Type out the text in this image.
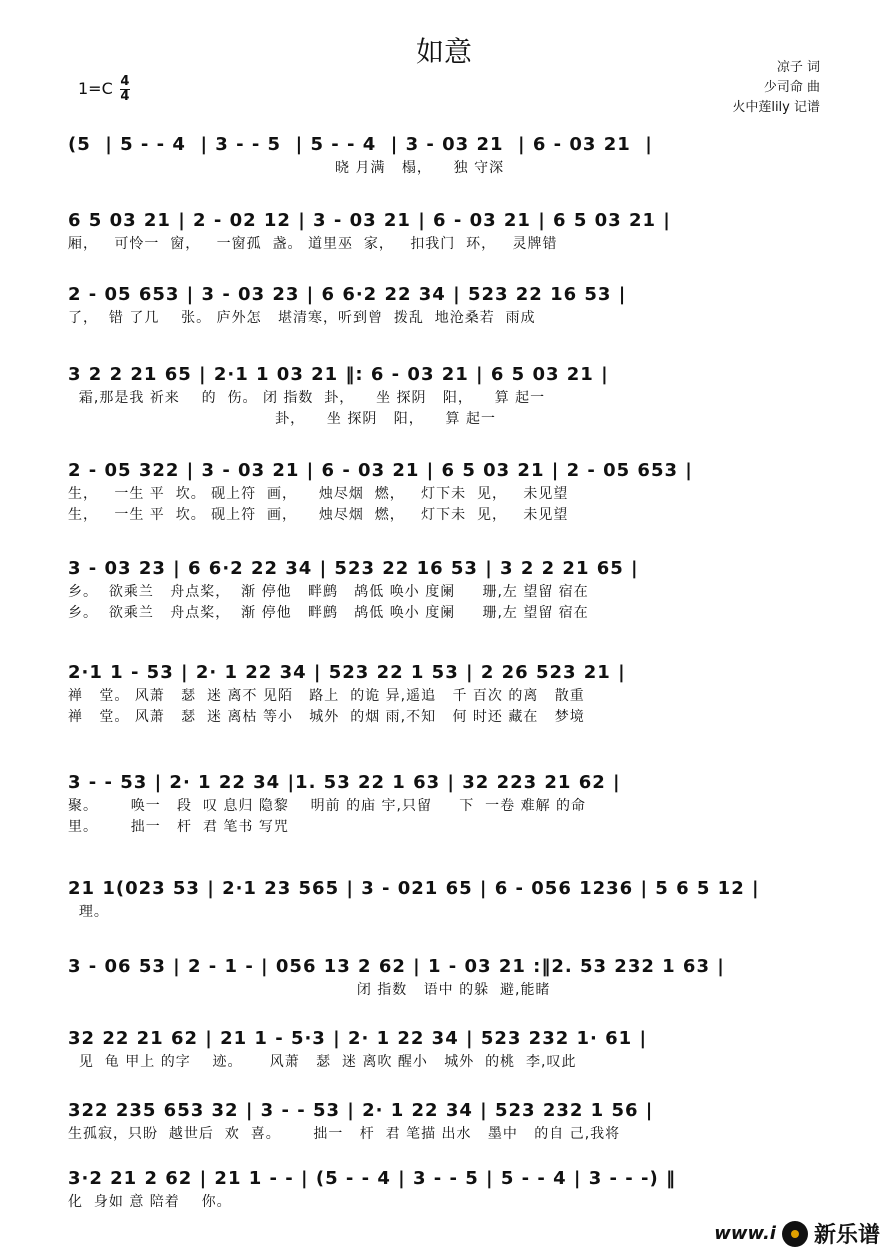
如意	凉子 词
少司命 曲
火中莲lily 记谱
$1=C \frac{4}{4}$
(5  | 5 - - 4  | 3 - - 5  | 5 - - 4  | 3 - 03 21  | 6 - 03 21  |
晓 月满   榻，    独 守深
6 5 03 21 | 2 - 02 12 | 3 - 03 21 | 6 - 03 21 | 6 5 03 21 |
厢，   可怜一  窗，   一窗孤  盏。 道里巫  家，   扣我门  环，   灵牌错
2 - 05 653 | 3 - 03 23 | 6 6·2 22 34 | 523 22 16 53 |
了，  错 了几    张。 庐外怎   堪清寒，听到曾  拨乱  地沧桑若  雨成
3 2 2 21 65 | 2·1 1 03 21 ‖: 6 - 03 21 | 6 5 03 21 |
霜,那是我 祈来    的  伤。 闭 指数  卦，    坐 探阴   阳，    算 起一
卦，    坐 探阴   阳，    算 起一
2 - 05 322 | 3 - 03 21 | 6 - 03 21 | 6 5 03 21 | 2 - 05 653 |
生，   一生 平  坎。 砚上符  画，    烛尽烟  燃，   灯下未  见，   未见望
生，   一生 平  坎。 砚上符  画，    烛尽烟  燃，   灯下未  见，   未见望
3 - 03 23 | 6 6·2 22 34 | 523 22 16 53 | 3 2 2 21 65 |
乡。  欲乘兰   舟点桨，  渐 停他   畔鹧   鸪低 唤小 度阑     珊,左 望留 宿在
乡。  欲乘兰   舟点桨，  渐 停他   畔鹧   鸪低 唤小 度阑     珊,左 望留 宿在
2·1 1 - 53 | 2· 1 22 34 | 523 22 1 53 | 2 26 523 21 |
禅   堂。 风萧   瑟  迷 离不 见陌   路上  的诡 异,遥追   千 百次 的离   散重
禅   堂。 风萧   瑟  迷 离枯 等小   城外  的烟 雨,不知   何 时还 藏在   梦境
3 - - 53 | 2· 1 22 34 |1. 53 22 1 63 | 32 223 21 62 |
聚。      唤一   段  叹 息归 隐黎    明前 的庙 宇,只留     下  一卷 难解 的命
里。      拙一   杆  君 笔书 写咒
21 1(023 53 | 2·1 23 565 | 3 - 021 65 | 6 - 056 1236 | 5 6 5 12 |
理。
3 - 06 53 | 2 - 1 - | 056 13 2 62 | 1 - 03 21 :‖2. 53 232 1 63 |
闭 指数   语中 的躲  避,能睹
32 22 21 62 | 21 1 - 5·3 | 2· 1 22 34 | 523 232 1· 61 |
见  龟 甲上 的字    迹。     风萧   瑟  迷 离吹 醒小   城外  的桃  李,叹此
322 235 653 32 | 3 - - 53 | 2· 1 22 34 | 523 232 1 56 |
生孤寂，只盼  越世后  欢  喜。      拙一   杆  君 笔描 出水   墨中   的自 己,我将
3·2 21 2 62 | 21 1 - - | (5 - - 4 | 3 - - 5 | 5 - - 4 | 3 - - -) ‖
化  身如 意 陪着    你。
www.i 新乐谱
